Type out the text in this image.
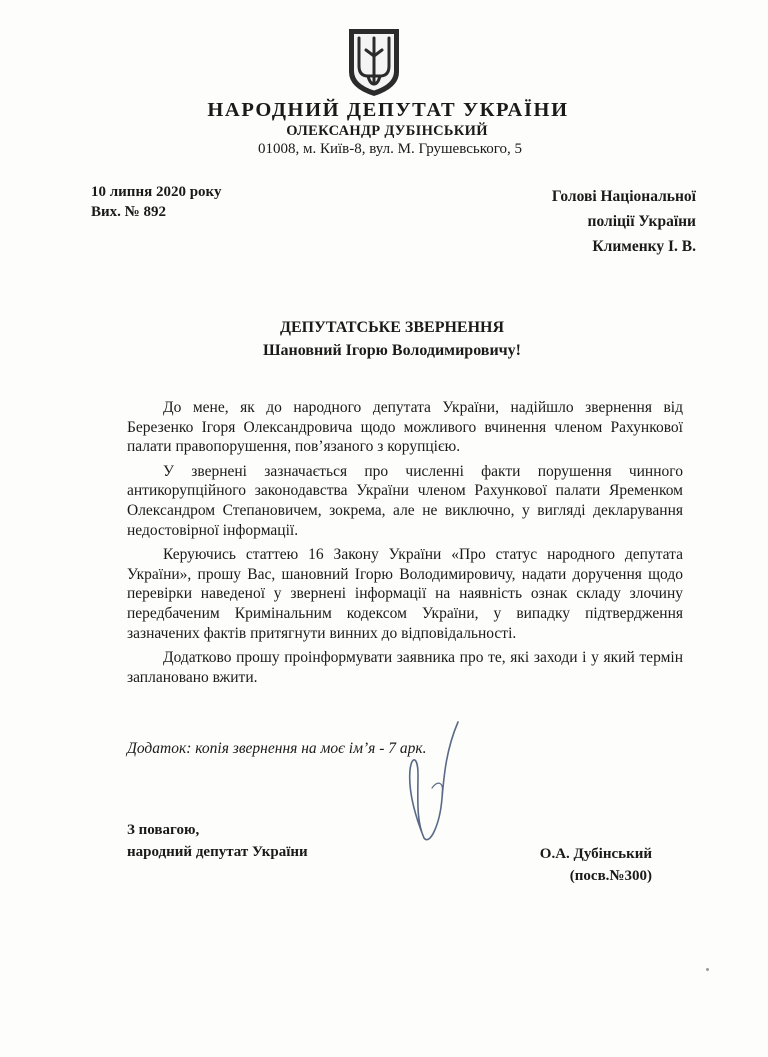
НАРОДНИЙ ДЕПУТАТ УКРАЇНИ
ОЛЕКСАНДР ДУБІНСЬКИЙ
01008, м. Київ-8, вул. М. Грушевського, 5
10 липня 2020 року
Вих. № 892
Голові Національної
поліції України
Клименку І. В.
ДЕПУТАТСЬКЕ ЗВЕРНЕННЯ
Шановний Ігорю Володимировичу!

До мене, як до народного депутата України, надійшло звернення від Березенко Ігоря Олександровича щодо можливого вчинення членом Рахункової палати правопорушення, пов’язаного з корупцією.

У звернені зазначається про численні факти порушення чинного антикорупційного законодавства України членом Рахункової палати Яременком Олександром Степановичем, зокрема, але не виключно, у вигляді декларування недостовірної інформації.

Керуючись статтею 16 Закону України «Про статус народного депутата України», прошу Вас, шановний Ігорю Володимировичу, надати доручення щодо перевірки наведеної у звернені інформації на наявність ознак складу злочину передбаченим Кримінальним кодексом України, у випадку підтвердження зазначених фактів притягнути винних до відповідальності.

Додатково прошу проінформувати заявника про те, які заходи і у який термін заплановано вжити.

Додаток: копія звернення на моє ім’я - 7 арк.
З повагою,
народний депутат України	О.А. Дубінський
(посв.№300)
